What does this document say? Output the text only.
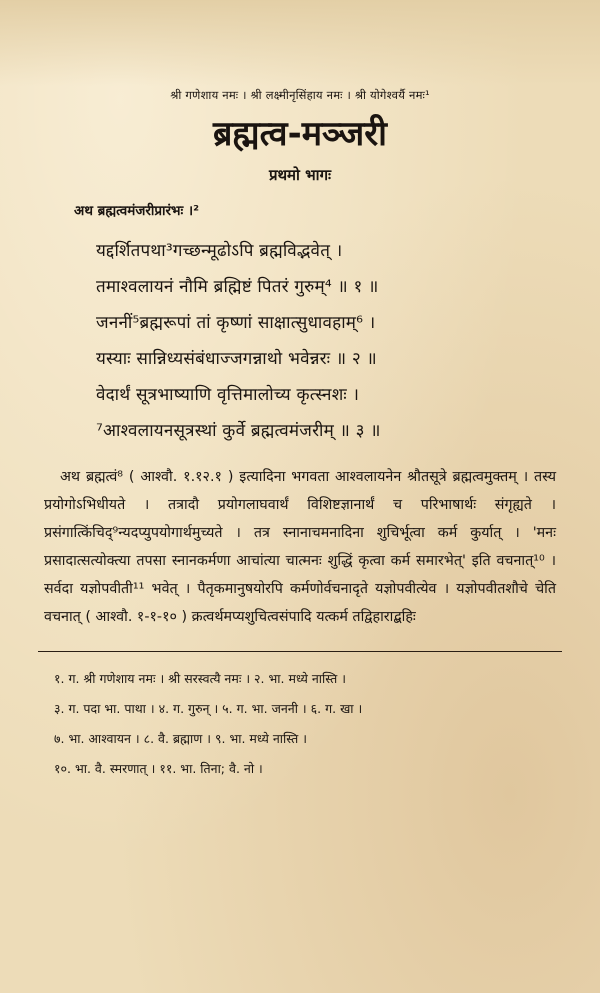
श्री गणेशाय नमः । श्री लक्ष्मीनृसिंहाय नमः । श्री योगेश्वर्यै नमः¹

ब्रह्मत्व-मञ्जरी

प्रथमो भागः

अथ ब्रह्मत्वमंजरीप्रारंभः ।²

यद्दर्शितपथा³गच्छन्मूढोऽपि ब्रह्मविद्भवेत् ।

तमाश्वलायनं नौमि ब्रह्मिष्टं पितरं गुरुम्⁴ ॥ १ ॥

जननीं⁵ब्रह्मरूपां तां कृष्णां साक्षात्सुधावहाम्⁶ ।

यस्याः सान्निध्यसंबंधाज्जगन्नाथो भवेन्नरः ॥ २ ॥

वेदार्थं सूत्रभाष्याणि वृत्तिमालोच्य कृत्स्नशः ।

⁷आश्वलायनसूत्रस्थां कुर्वे ब्रह्मत्वमंजरीम् ॥ ३ ॥

अथ ब्रह्मत्वं⁸ ( आश्वौ. १.१२.१ ) इत्यादिना भगवता आश्वलायनेन श्रौतसूत्रे ब्रह्मत्वमुक्तम् । तस्य प्रयोगोऽभिधीयते । तत्रादौ प्रयोगलाघवार्थं विशिष्टज्ञानार्थं च परिभाषार्थः संगृह्यते । प्रसंगात्किंचिद्⁹न्यदप्युपयोगार्थमुच्यते । तत्र स्नानाचमनादिना शुचिर्भूत्वा कर्म कुर्यात् । 'मनः प्रसादात्सत्योक्त्या तपसा स्नानकर्मणा आचांत्या चात्मनः शुद्धिं कृत्वा कर्म समारभेत्' इति वचनात्¹⁰ । सर्वदा यज्ञोपवीती¹¹ भवेत् । पैतृकमानुषयोरपि कर्मणोर्वचनादृते यज्ञोपवीत्येव । यज्ञोपवीतशौचे चेति वचनात् ( आश्वौ. १-१-१० ) क्रत्वर्थमप्यशुचित्वसंपादि यत्कर्म तद्विहाराद्बहिः

१. ग. श्री गणेशाय नमः । श्री सरस्वत्यै नमः । २. भा. मध्ये नास्ति ।
३. ग. पदा भा. पाथा । ४. ग. गुरुन् । ५. ग. भा. जननी । ६. ग. खा ।
७. भा. आश्वायन । ८. वै. ब्रह्माण । ९. भा. मध्ये नास्ति ।
१०. भा. वै. स्मरणात् । ११. भा. तिना; वै. नो ।
